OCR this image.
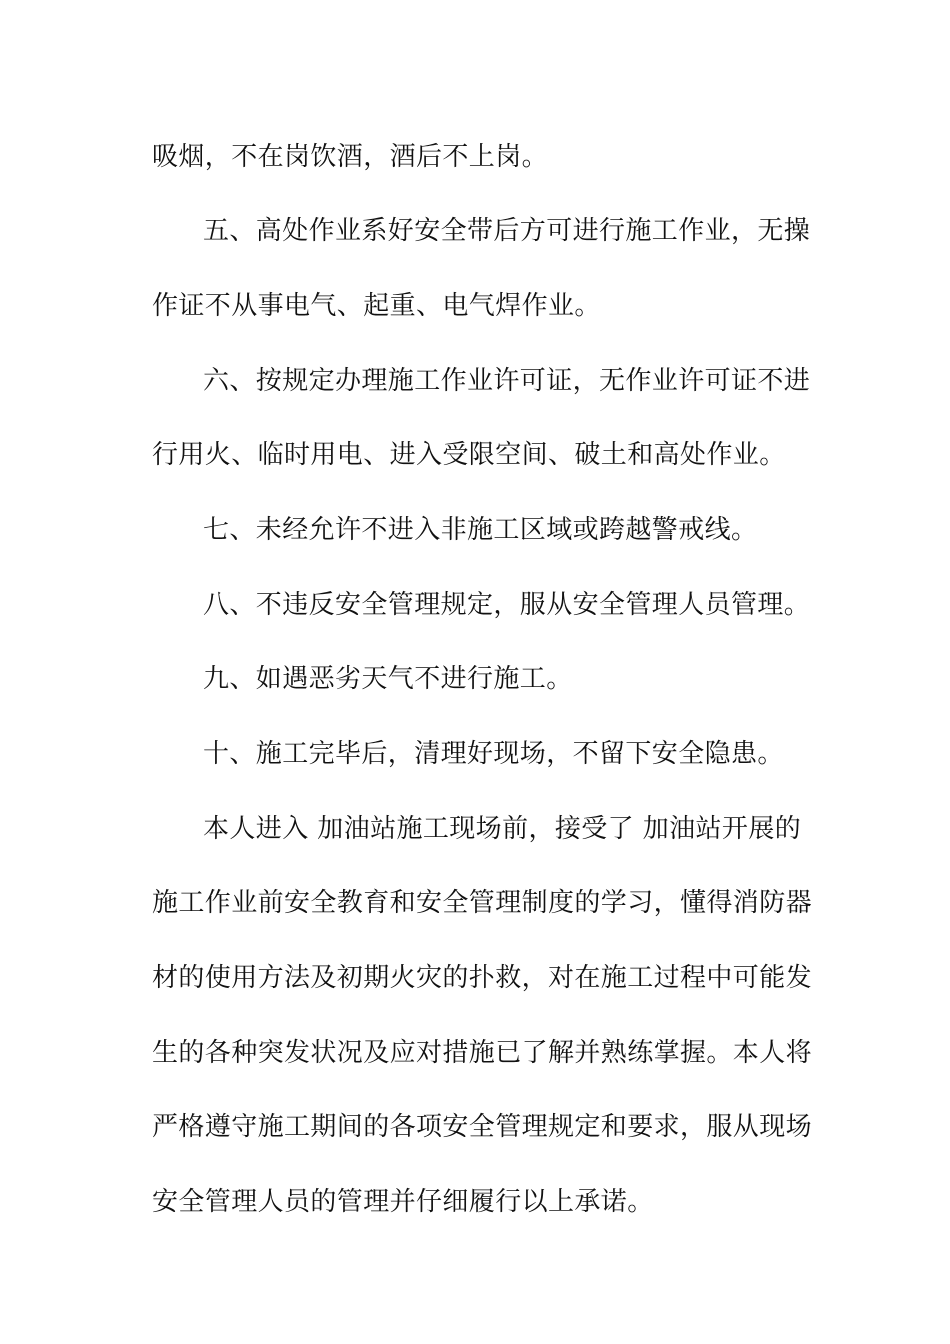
吸烟，不在岗饮酒，酒后不上岗。
五、高处作业系好安全带后方可进行施工作业，无操
作证不从事电气、起重、电气焊作业。
六、按规定办理施工作业许可证，无作业许可证不进
行用火、临时用电、进入受限空间、破土和高处作业。
七、未经允许不进入非施工区域或跨越警戒线。
八、不违反安全管理规定，服从安全管理人员管理。
九、如遇恶劣天气不进行施工。
十、施工完毕后，清理好现场，不留下安全隐患。
本人进入 加油站施工现场前，接受了 加油站开展的
施工作业前安全教育和安全管理制度的学习，懂得消防器
材的使用方法及初期火灾的扑救，对在施工过程中可能发
生的各种突发状况及应对措施已了解并熟练掌握。本人将
严格遵守施工期间的各项安全管理规定和要求，服从现场
安全管理人员的管理并仔细履行以上承诺。
